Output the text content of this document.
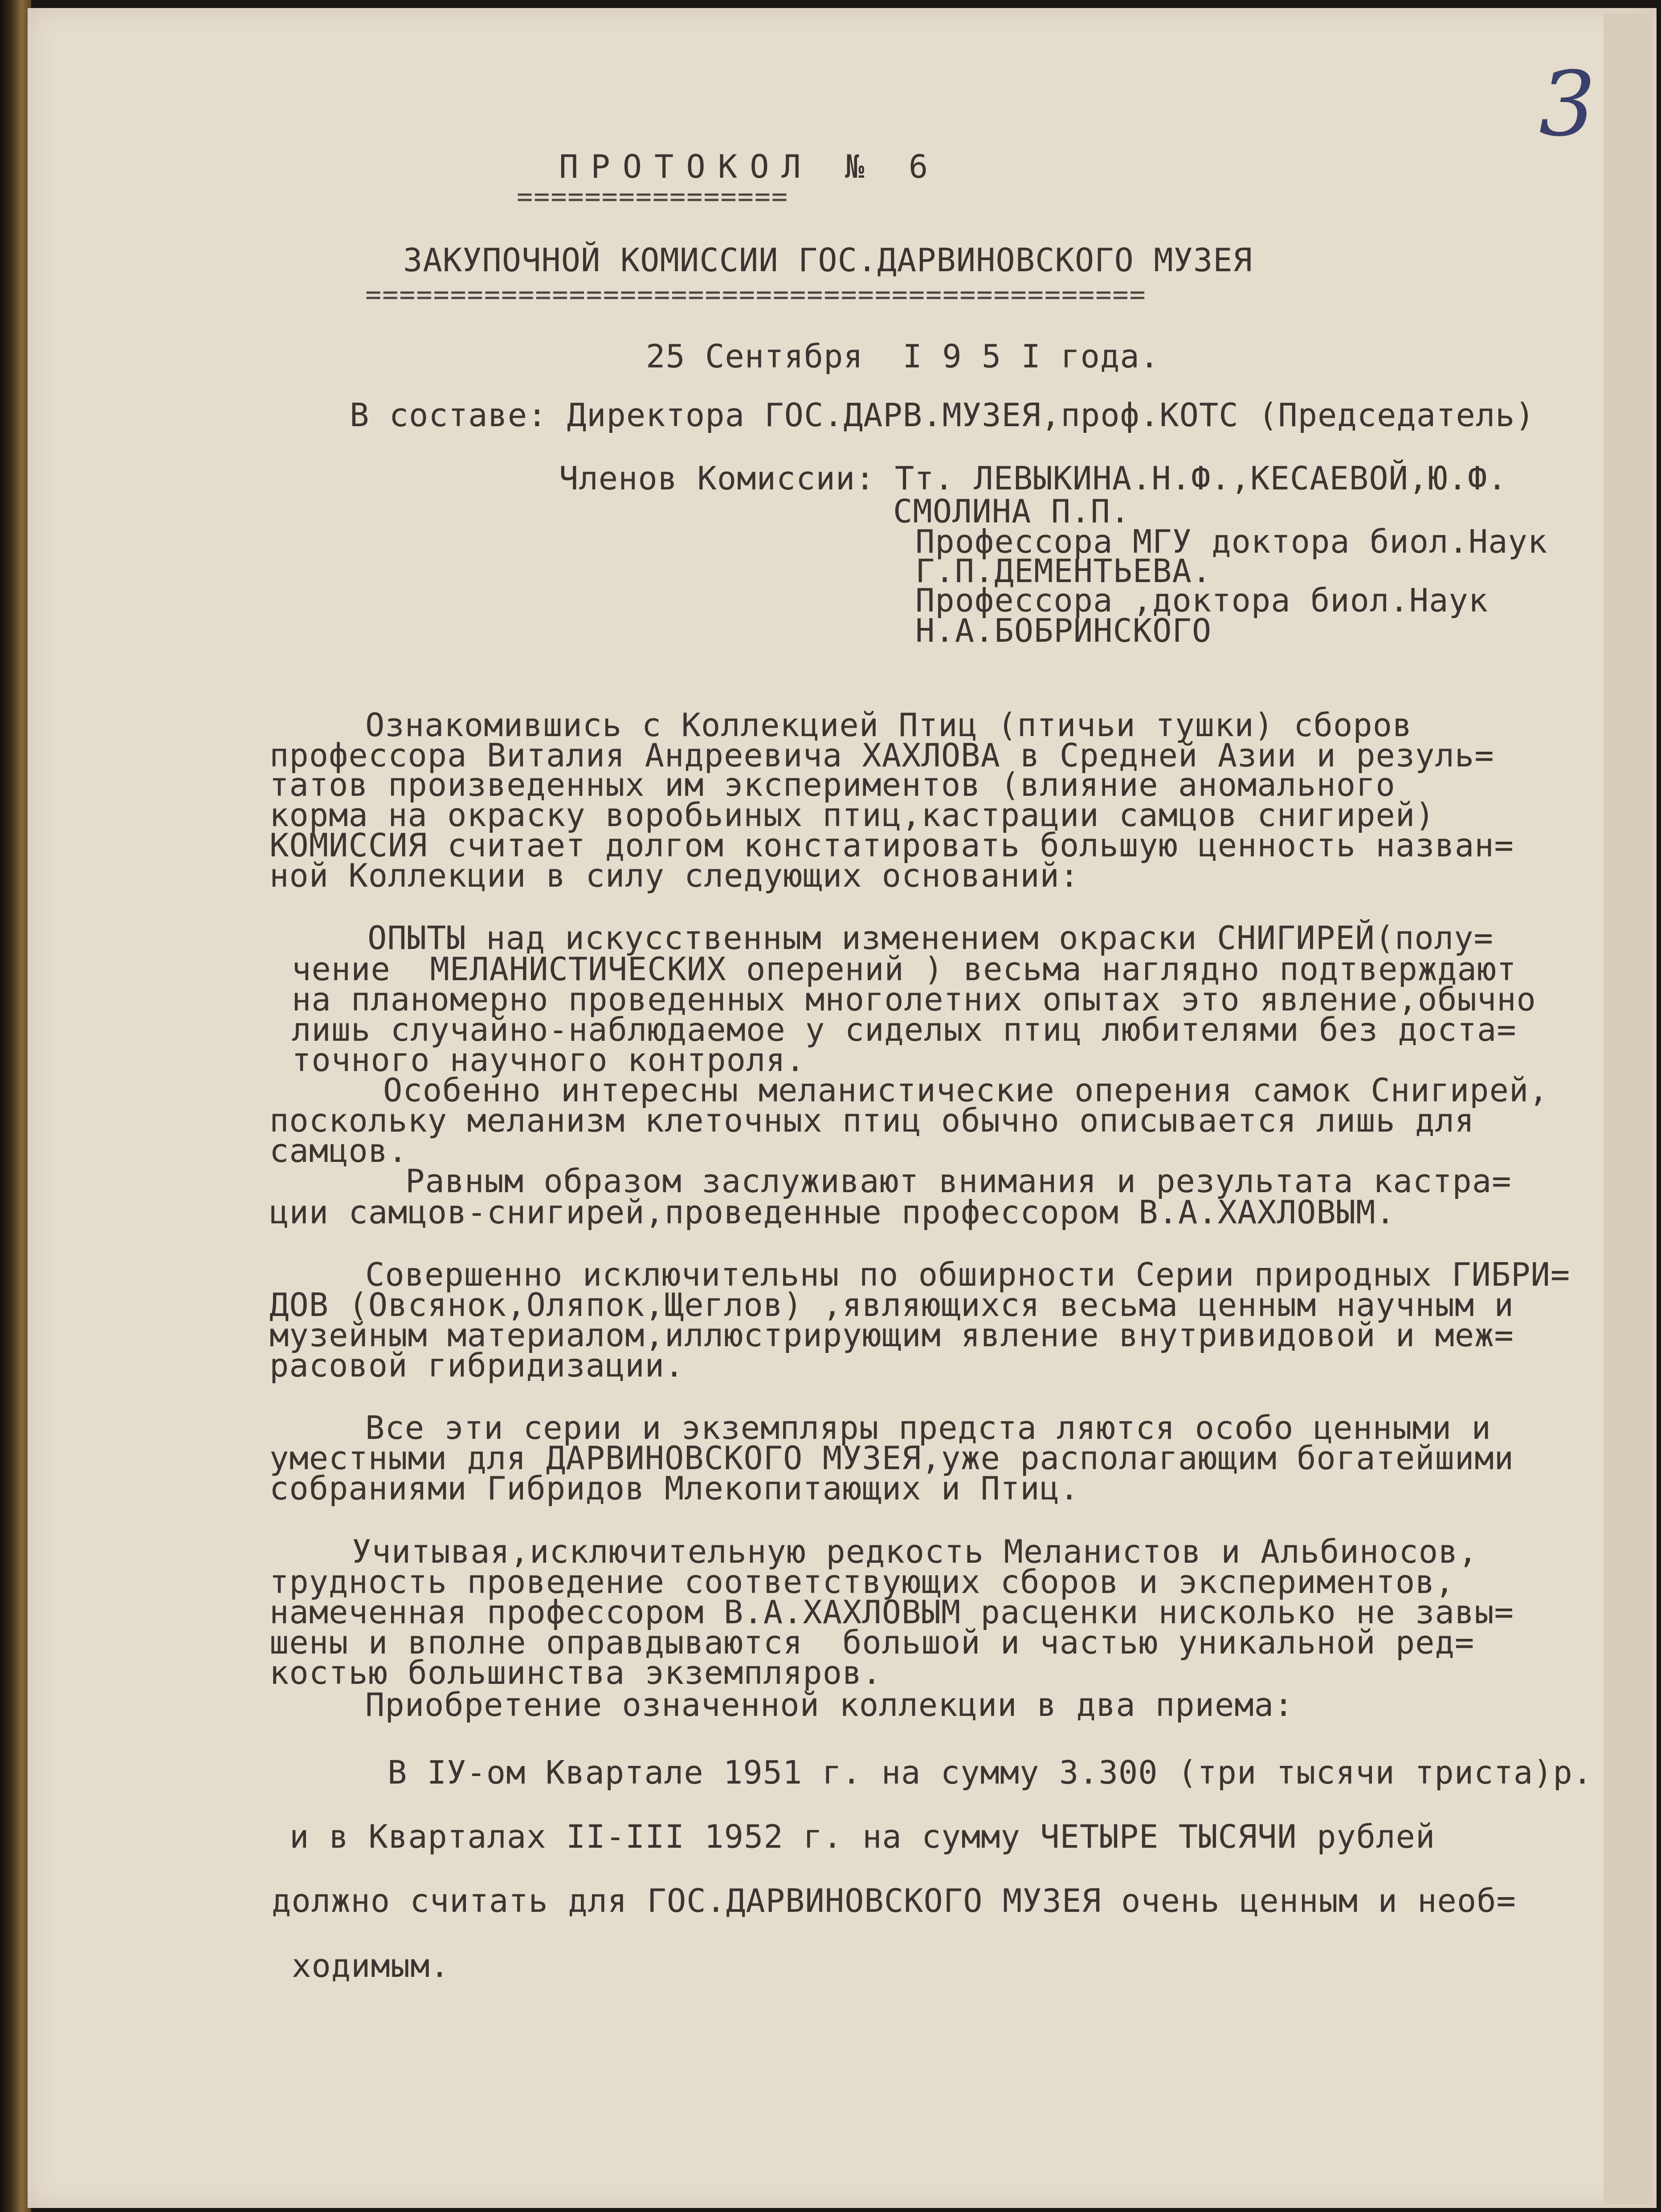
3
ПРОТОКОЛ № 6
================
ЗАКУПОЧНОЙ КОМИССИИ ГОС.ДАРВИНОВСКОГО МУЗЕЯ
==============================================
25 Сентября  I 9 5 I года.
В составе: Директора ГОС.ДАРВ.МУЗЕЯ,проф.КОТС (Председатель)
Членов Комиссии: Тт. ЛЕВЫКИНА.Н.Ф.,КЕСАЕВОЙ,Ю.Ф.
СМОЛИНА П.П.
Профессора МГУ доктора биол.Наук
Г.П.ДЕМЕНТЬЕВА.
Профессора ,доктора биол.Наук
Н.А.БОБРИНСКОГО
Ознакомившись с Коллекцией Птиц (птичьи тушки) сборов
профессора Виталия Андреевича ХАХЛОВА в Средней Азии и резуль=
татов произведенных им экспериментов (влияние аномального
корма на окраску воробьиных птиц,кастрации самцов снигирей)
КОМИССИЯ считает долгом констатировать большую ценность назван=
ной Коллекции в силу следующих оснований:
ОПЫТЫ над искусственным изменением окраски СНИГИРЕЙ(полу=
чение  МЕЛАНИСТИЧЕСКИХ оперений ) весьма наглядно подтверждают
на планомерно проведенных многолетних опытах это явление,обычно
лишь случайно-наблюдаемое у сиделых птиц любителями без доста=
точного научного контроля.
Особенно интересны меланистические оперения самок Снигирей,
поскольку меланизм клеточных птиц обычно описывается лишь для
самцов.
Равным образом заслуживают внимания и результата кастра=
ции самцов-снигирей,проведенные профессором В.А.ХАХЛОВЫМ.
Совершенно исключительны по обширности Серии природных ГИБРИ=
ДОВ (Овсянок,Оляпок,Щеглов) ,являющихся весьма ценным научным и
музейным материалом,иллюстрирующим явление внутривидовой и меж=
расовой гибридизации.
Все эти серии и экземпляры предста ляются особо ценными и
уместными для ДАРВИНОВСКОГО МУЗЕЯ,уже располагающим богатейшими
собраниями Гибридов Млекопитающих и Птиц.
Учитывая,исключительную редкость Меланистов и Альбиносов,
трудность проведение соответствующих сборов и экспериментов,
намеченная профессором В.А.ХАХЛОВЫМ расценки нисколько не завы=
шены и вполне оправдываются  большой и частью уникальной ред=
костью большинства экземпляров.
Приобретение означенной коллекции в два приема:
В IУ-ом Квартале 1951 г. на сумму 3.300 (три тысячи триста)р.
и в Кварталах II-III 1952 г. на сумму ЧЕТЫРЕ ТЫСЯЧИ рублей
должно считать для ГОС.ДАРВИНОВСКОГО МУЗЕЯ очень ценным и необ=
ходимым.
